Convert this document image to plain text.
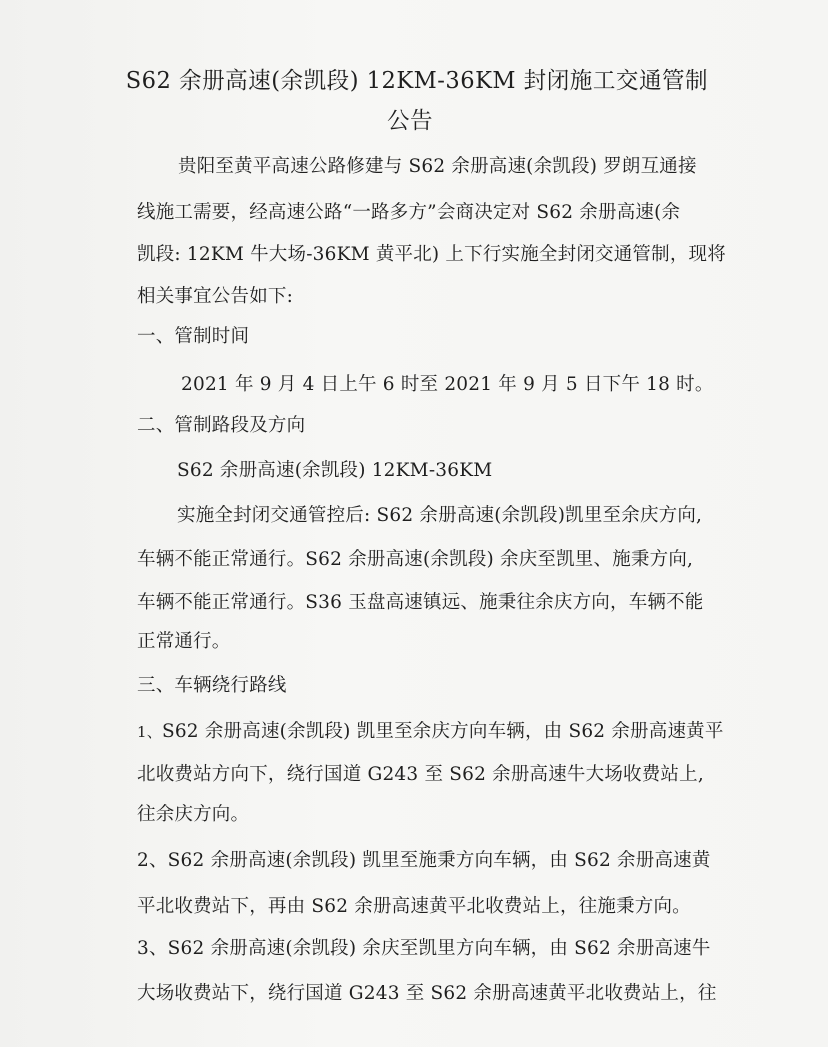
S62 余册高速(余凯段) 12KM-36KM 封闭施工交通管制
公告
贵阳至黄平高速公路修建与 S62 余册高速(余凯段) 罗朗互通接
线施工需要，经高速公路“一路多方”会商决定对 S62 余册高速(余
凯段: 12KM 牛大场-36KM 黄平北) 上下行实施全封闭交通管制，现将
相关事宜公告如下:
一、管制时间
2021 年 9 月 4 日上午 6 时至 2021 年 9 月 5 日下午 18 时。
二、管制路段及方向
S62 余册高速(余凯段) 12KM-36KM
实施全封闭交通管控后: S62 余册高速(余凯段)凯里至余庆方向,
车辆不能正常通行。S62 余册高速(余凯段) 余庆至凯里、施秉方向,
车辆不能正常通行。S36 玉盘高速镇远、施秉往余庆方向，车辆不能
正常通行。
三、车辆绕行路线
1、S62 余册高速(余凯段) 凯里至余庆方向车辆，由 S62 余册高速黄平
北收费站方向下，绕行国道 G243 至 S62 余册高速牛大场收费站上,
往余庆方向。
2、S62 余册高速(余凯段) 凯里至施秉方向车辆，由 S62 余册高速黄
平北收费站下，再由 S62 余册高速黄平北收费站上，往施秉方向。
3、S62 余册高速(余凯段) 余庆至凯里方向车辆，由 S62 余册高速牛
大场收费站下，绕行国道 G243 至 S62 余册高速黄平北收费站上，往
